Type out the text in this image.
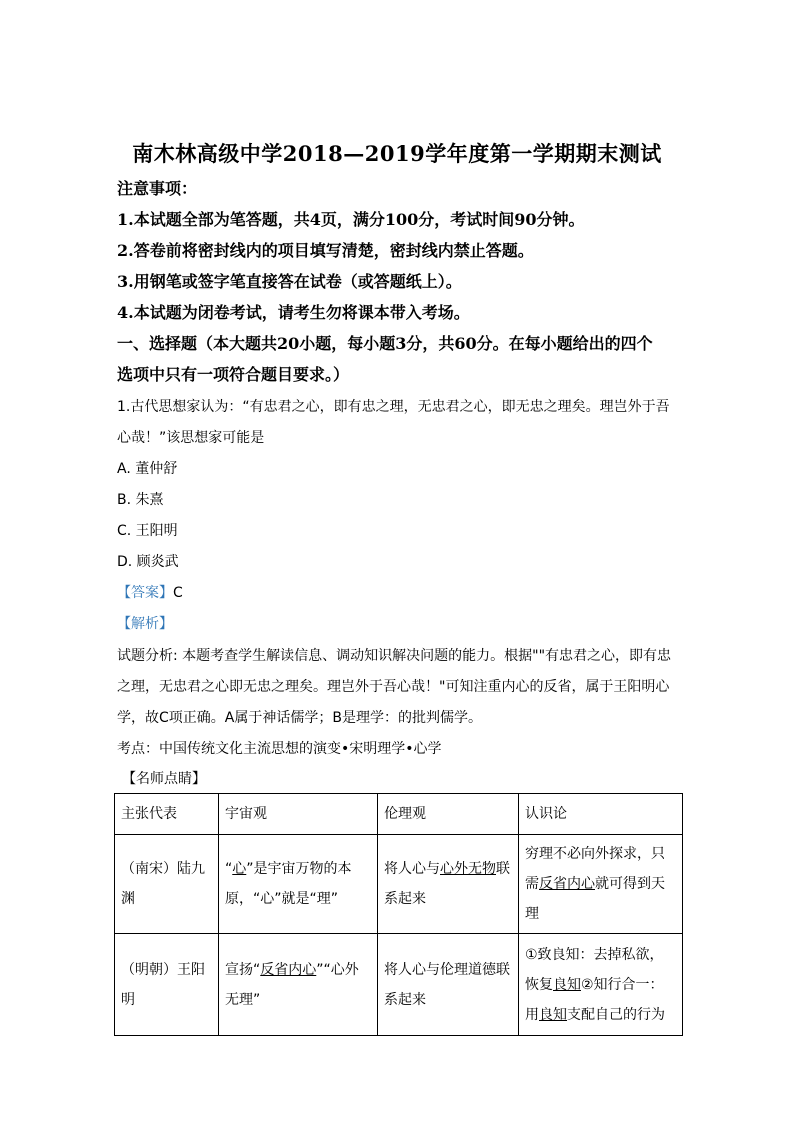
南木林高级中学2018—2019学年度第一学期期末测试
注意事项：
1.本试题全部为笔答题，共4页，满分100分，考试时间90分钟。
2.答卷前将密封线内的项目填写清楚，密封线内禁止答题。
3.用钢笔或签字笔直接答在试卷（或答题纸上）。
4.本试题为闭卷考试，请考生勿将课本带入考场。
一、选择题（本大题共20小题，每小题3分，共60分。在每小题给出的四个
选项中只有一项符合题目要求。）
1.古代思想家认为：“有忠君之心，即有忠之理，无忠君之心，即无忠之理矣。理岂外于吾
心哉！”该思想家可能是
A. 董仲舒
B. 朱熹
C. 王阳明
D. 顾炎武
【答案】C
【解析】
试题分析: 本题考查学生解读信息、调动知识解决问题的能力。根据""有忠君之心，即有忠
之理，无忠君之心即无忠之理矣。理岂外于吾心哉！"可知注重内心的反省，属于王阳明心
学，故C项正确。A属于神话儒学；B是理学：的批判儒学。
考点：中国传统文化主流思想的演变•宋明理学•心学
【名师点睛】
主张代表	宇宙观	伦理观	认识论
（南宋）陆九渊	“心”是宇宙万物的本原，“心”就是“理”	将人心与心外无物联系起来	穷理不必向外探求，只需反省内心就可得到天理
（明朝）王阳明	宣扬“反省内心”“心外无理”	将人心与伦理道德联系起来	①致良知：去掉私欲，恢复良知②知行合一：用良知支配自己的行为
